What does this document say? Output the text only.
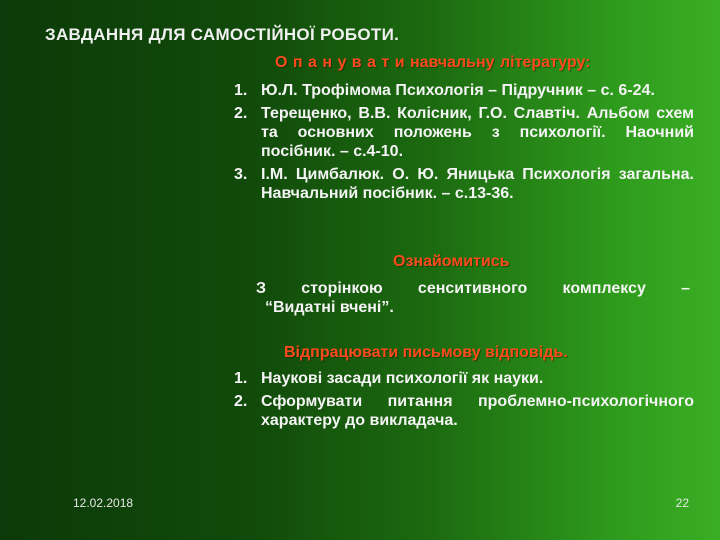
ЗАВДАННЯ ДЛЯ САМОСТІЙНОЇ РОБОТИ.
О п а н у в а т и навчальну літературу:
1. Ю.Л. Трофімома Психологія – Підручник – с. 6-24.
2. Терещенко, В.В. Колісник, Г.О. Славтіч. Альбом схем та основних положень з психології. Наочний посібник. – с.4-10.
3. І.М. Цимбалюк. О. Ю. Яницька Психологія загальна. Навчальний посібник. – с.13-36.
Ознайомитись
З сторінкою сенситивного комплексу –
“Видатні вчені”.
Відпрацювати письмову відповідь.
1. Наукові засади психології як науки.
2. Сформувати питання проблемно-психологічного характеру до викладача.
12.02.2018	22
